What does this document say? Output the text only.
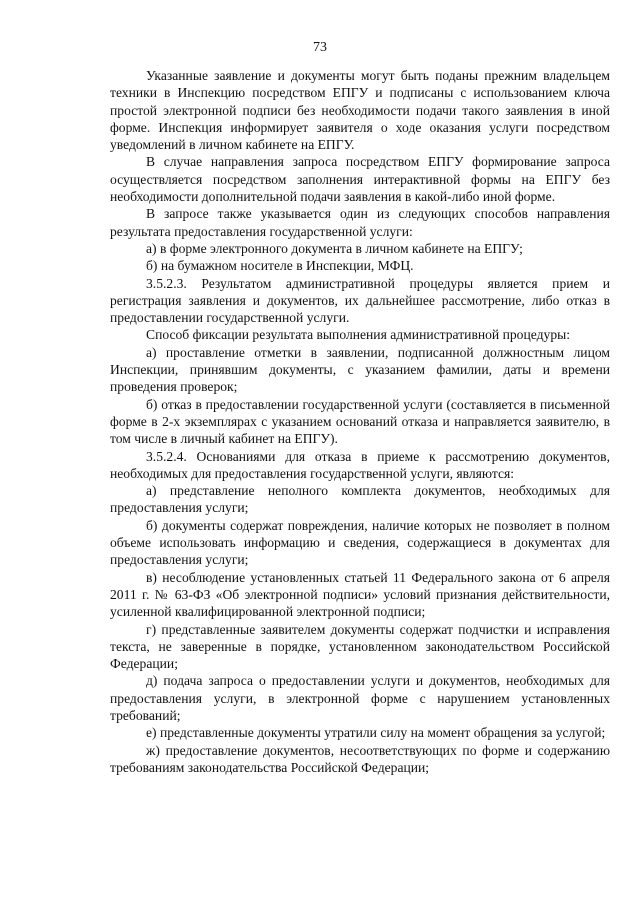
73

Указанные заявление и документы могут быть поданы прежним владельцем техники в Инспекцию посредством ЕПГУ и подписаны с использованием ключа простой электронной подписи без необходимости подачи такого заявления в иной форме. Инспекция информирует заявителя о ходе оказания услуги посредством уведомлений в личном кабинете на ЕПГУ.

В случае направления запроса посредством ЕПГУ формирование запроса осуществляется посредством заполнения интерактивной формы на ЕПГУ без необходимости дополнительной подачи заявления в какой-либо иной форме.

В запросе также указывается один из следующих способов направления результата предоставления государственной услуги:

а) в форме электронного документа в личном кабинете на ЕПГУ;

б) на бумажном носителе в Инспекции, МФЦ.

3.5.2.3. Результатом административной процедуры является прием и регистрация заявления и документов, их дальнейшее рассмотрение, либо отказ в предоставлении государственной услуги.

Способ фиксации результата выполнения административной процедуры:

а) проставление отметки в заявлении, подписанной должностным лицом Инспекции, принявшим документы, с указанием фамилии, даты и времени проведения проверок;

б) отказ в предоставлении государственной услуги (составляется в письменной форме в 2-х экземплярах с указанием оснований отказа и направляется заявителю, в том числе в личный кабинет на ЕПГУ).

3.5.2.4. Основаниями для отказа в приеме к рассмотрению документов, необходимых для предоставления государственной услуги, являются:

а) представление неполного комплекта документов, необходимых для предоставления услуги;

б) документы содержат повреждения, наличие которых не позволяет в полном объеме использовать информацию и сведения, содержащиеся в документах для предоставления услуги;

в) несоблюдение установленных статьей 11 Федерального закона от 6 апреля 2011 г. № 63-ФЗ «Об электронной подписи» условий признания действительности, усиленной квалифицированной электронной подписи;

г) представленные заявителем документы содержат подчистки и исправления текста, не заверенные в порядке, установленном законодательством Российской Федерации;

д) подача запроса о предоставлении услуги и документов, необходимых для предоставления услуги, в электронной форме с нарушением установленных требований;

е) представленные документы утратили силу на момент обращения за услугой;

ж) предоставление документов, несоответствующих по форме и содержанию требованиям законодательства Российской Федерации;
